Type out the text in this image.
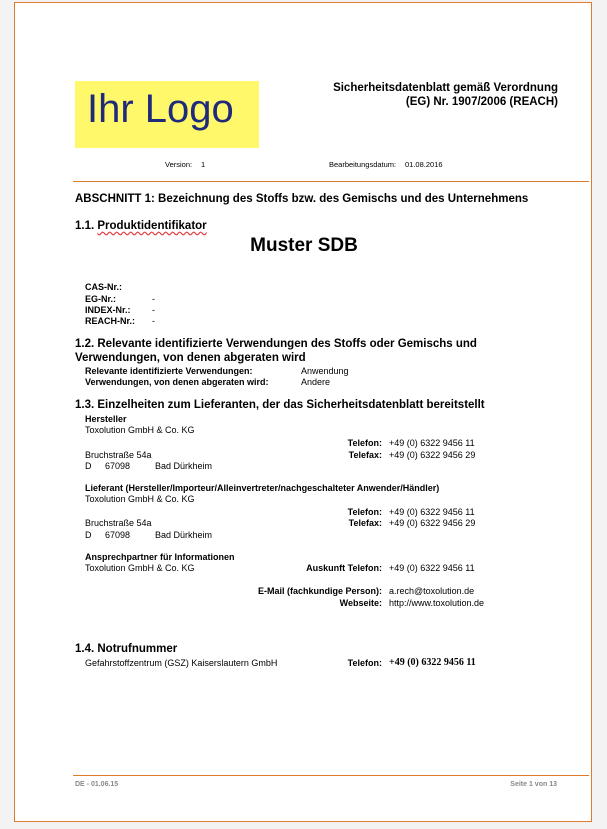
Ihr Logo	Sicherheitsdatenblatt gemäß Verordnung
(EG) Nr. 1907/2006 (REACH)
Version: 1	Bearbeitungsdatum: 01.08.2016
ABSCHNITT 1: Bezeichnung des Stoffs bzw. des Gemischs und des Unternehmens
1.1. Produktidentifikator
Muster SDB
CAS-Nr.:
EG-Nr.:	-
INDEX-Nr.: -
REACH-Nr.: -
1.2. Relevante identifizierte Verwendungen des Stoffs oder Gemischs und
Verwendungen, von denen abgeraten wird
Relevante identifizierte Verwendungen:	Anwendung
Verwendungen, von denen abgeraten wird:	Andere
1.3. Einzelheiten zum Lieferanten, der das Sicherheitsdatenblatt bereitstellt
Hersteller
Toxolution GmbH & Co. KG
Telefon: +49 (0) 6322 9456 11
Bruchstraße 54a	Telefax: +49 (0) 6322 9456 29
D 67098	Bad Dürkheim
Lieferant (Hersteller/Importeur/Alleinvertreter/nachgeschalteter Anwender/Händler)
Toxolution GmbH & Co. KG
Telefon: +49 (0) 6322 9456 11
Bruchstraße 54a	Telefax: +49 (0) 6322 9456 29
D 67098	Bad Dürkheim
Ansprechpartner für Informationen
Toxolution GmbH & Co. KG	Auskunft Telefon: +49 (0) 6322 9456 11
E-Mail (fachkundige Person): a.rech@toxolution.de
Webseite: http://www.toxolution.de
1.4. Notrufnummer
Gefahrstoffzentrum (GSZ) Kaiserslautern GmbH	Telefon: +49 (0) 6322 9456 11
DE - 01.06.15	Seite 1 von 13
